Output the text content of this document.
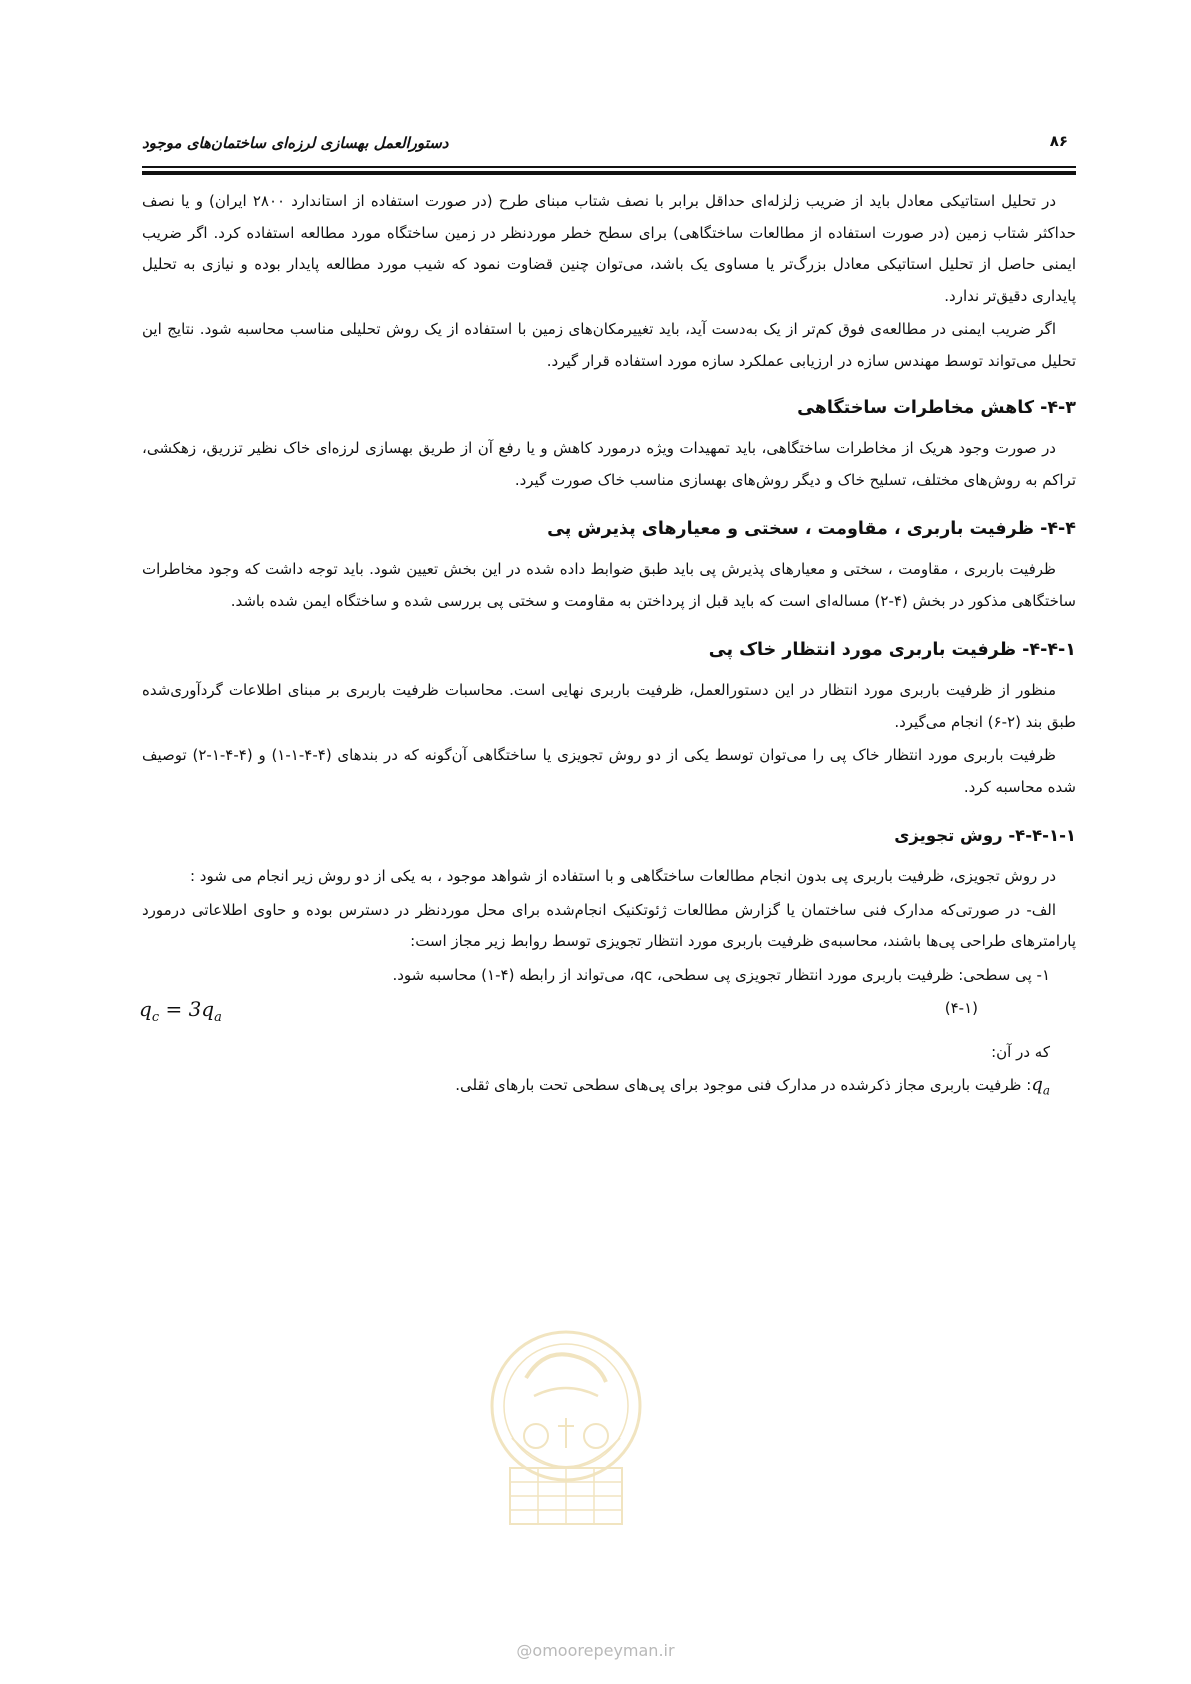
۸۶
دستورالعمل بهسازی لرزه‌ای ساختمان‌های موجود

در تحلیل استاتیکی معادل باید از ضریب زلزله‌ای حداقل برابر با نصف شتاب مبنای طرح (در صورت استفاده از استاندارد ۲۸۰۰ ایران) و یا نصف حداکثر شتاب زمین (در صورت استفاده از مطالعات ساختگاهی) برای سطح خطر موردنظر در زمین ساختگاه مورد مطالعه استفاده کرد. اگر ضریب ایمنی حاصل از تحلیل استاتیکی معادل بزرگ‌تر یا مساوی یک باشد، می‌توان چنین قضاوت نمود که شیب مورد مطالعه پایدار بوده و نیازی به تحلیل پایداری دقیق‌تر ندارد.

اگر ضریب ایمنی در مطالعه‌ی فوق کم‌تر از یک به‌دست آید، باید تغییرمکان‌های زمین با استفاده از یک روش تحلیلی مناسب محاسبه شود. نتایج این تحلیل می‌تواند توسط مهندس سازه در ارزیابی عملکرد سازه مورد استفاده قرار گیرد.

۴-۳- کاهش مخاطرات ساختگاهی

در صورت وجود هریک از مخاطرات ساختگاهی، باید تمهیدات ویژه درمورد کاهش و یا رفع آن از طریق بهسازی لرزه‌ای خاک نظیر تزریق، زهکشی، تراکم به روش‌های مختلف، تسلیح خاک و دیگر روش‌های بهسازی مناسب خاک صورت گیرد.

۴-۴- ظرفیت باربری ، مقاومت ، سختی و معیارهای پذیرش پی

ظرفیت باربری ، مقاومت ، سختی و معیارهای پذیرش پی باید طبق ضوابط داده شده در این بخش تعیین شود. باید توجه داشت که وجود مخاطرات ساختگاهی مذکور در بخش (۴-۲) مساله‌ای است که باید قبل از پرداختن به مقاومت و سختی پی بررسی شده و ساختگاه ایمن شده باشد.

۴-۴-۱- ظرفیت باربری مورد انتظار خاک پی

منظور از ظرفیت باربری مورد انتظار در این دستورالعمل، ظرفیت باربری نهایی است. محاسبات ظرفیت باربری بر مبنای اطلاعات گردآوری‌شده طبق بند (۲-۶) انجام می‌گیرد.

ظرفیت باربری مورد انتظار خاک پی را می‌توان توسط یکی از دو روش تجویزی یا ساختگاهی آن‌گونه که در بندهای (۴-۴-۱-۱) و (۴-۴-۱-۲) توصیف شده محاسبه کرد.

۴-۴-۱-۱- روش تجویزی

در روش تجویزی، ظرفیت باربری پی بدون انجام مطالعات ساختگاهی و با استفاده از شواهد موجود ، به یکی از دو روش زیر انجام می شود :

الف- در صورتی‌که مدارک فنی ساختمان یا گزارش مطالعات ژئوتکنیک انجام‌شده برای محل موردنظر در دسترس بوده و حاوی اطلاعاتی درمورد پارامترهای طراحی پی‌ها باشند، محاسبه‌ی ظرفیت باربری مورد انتظار تجویزی توسط روابط زیر مجاز است:

۱- پی سطحی: ظرفیت باربری مورد انتظار تجویزی پی سطحی، qc، می‌تواند از رابطه (۴-۱) محاسبه شود.

$q_c = 3q_a$
(۴-۱)

که در آن:

$q_a$: ظرفیت باربری مجاز ذکرشده در مدارک فنی موجود برای پی‌های سطحی تحت بارهای ثقلی.

@omoorepeyman.ir
